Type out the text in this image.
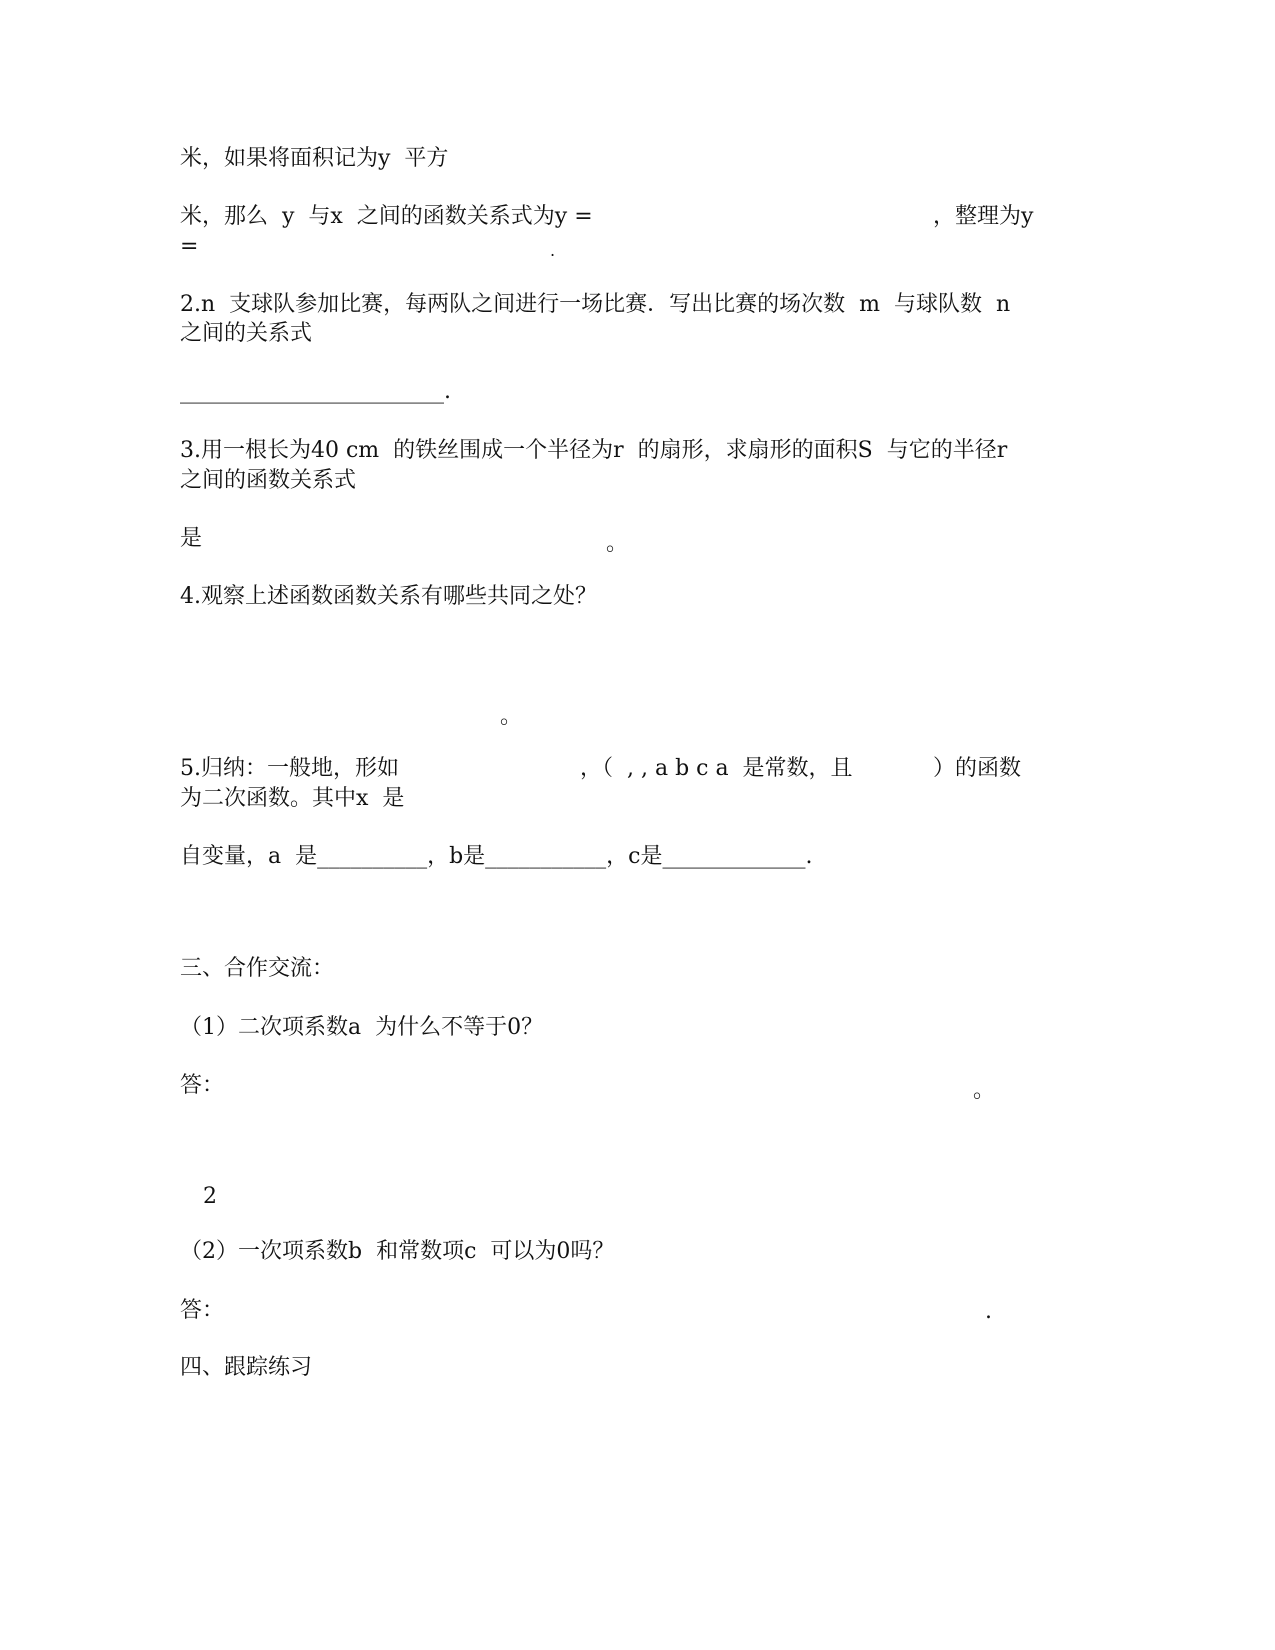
米，如果将面积记为y  平方
米，那么  y  与x  之间的函数关系式为y =	，整理为y
=	.
2.n  支球队参加比赛，每两队之间进行一场比赛．写出比赛的场次数  m  与球队数  n
之间的关系式
________________________.
3.用一根长为40 cm  的铁丝围成一个半径为r  的扇形，求扇形的面积S  与它的半径r
之间的函数关系式
是	。
4.观察上述函数函数关系有哪些共同之处？
。
5.归纳：一般地，形如	，（  , , a b c a  是常数，且	）的函数
为二次函数。其中x  是
自变量，a  是__________，b是___________，c是_____________.
三、合作交流：
（1）二次项系数a  为什么不等于0？
答：	。
2
（2）一次项系数b  和常数项c  可以为0吗？
答：	.
四、跟踪练习
